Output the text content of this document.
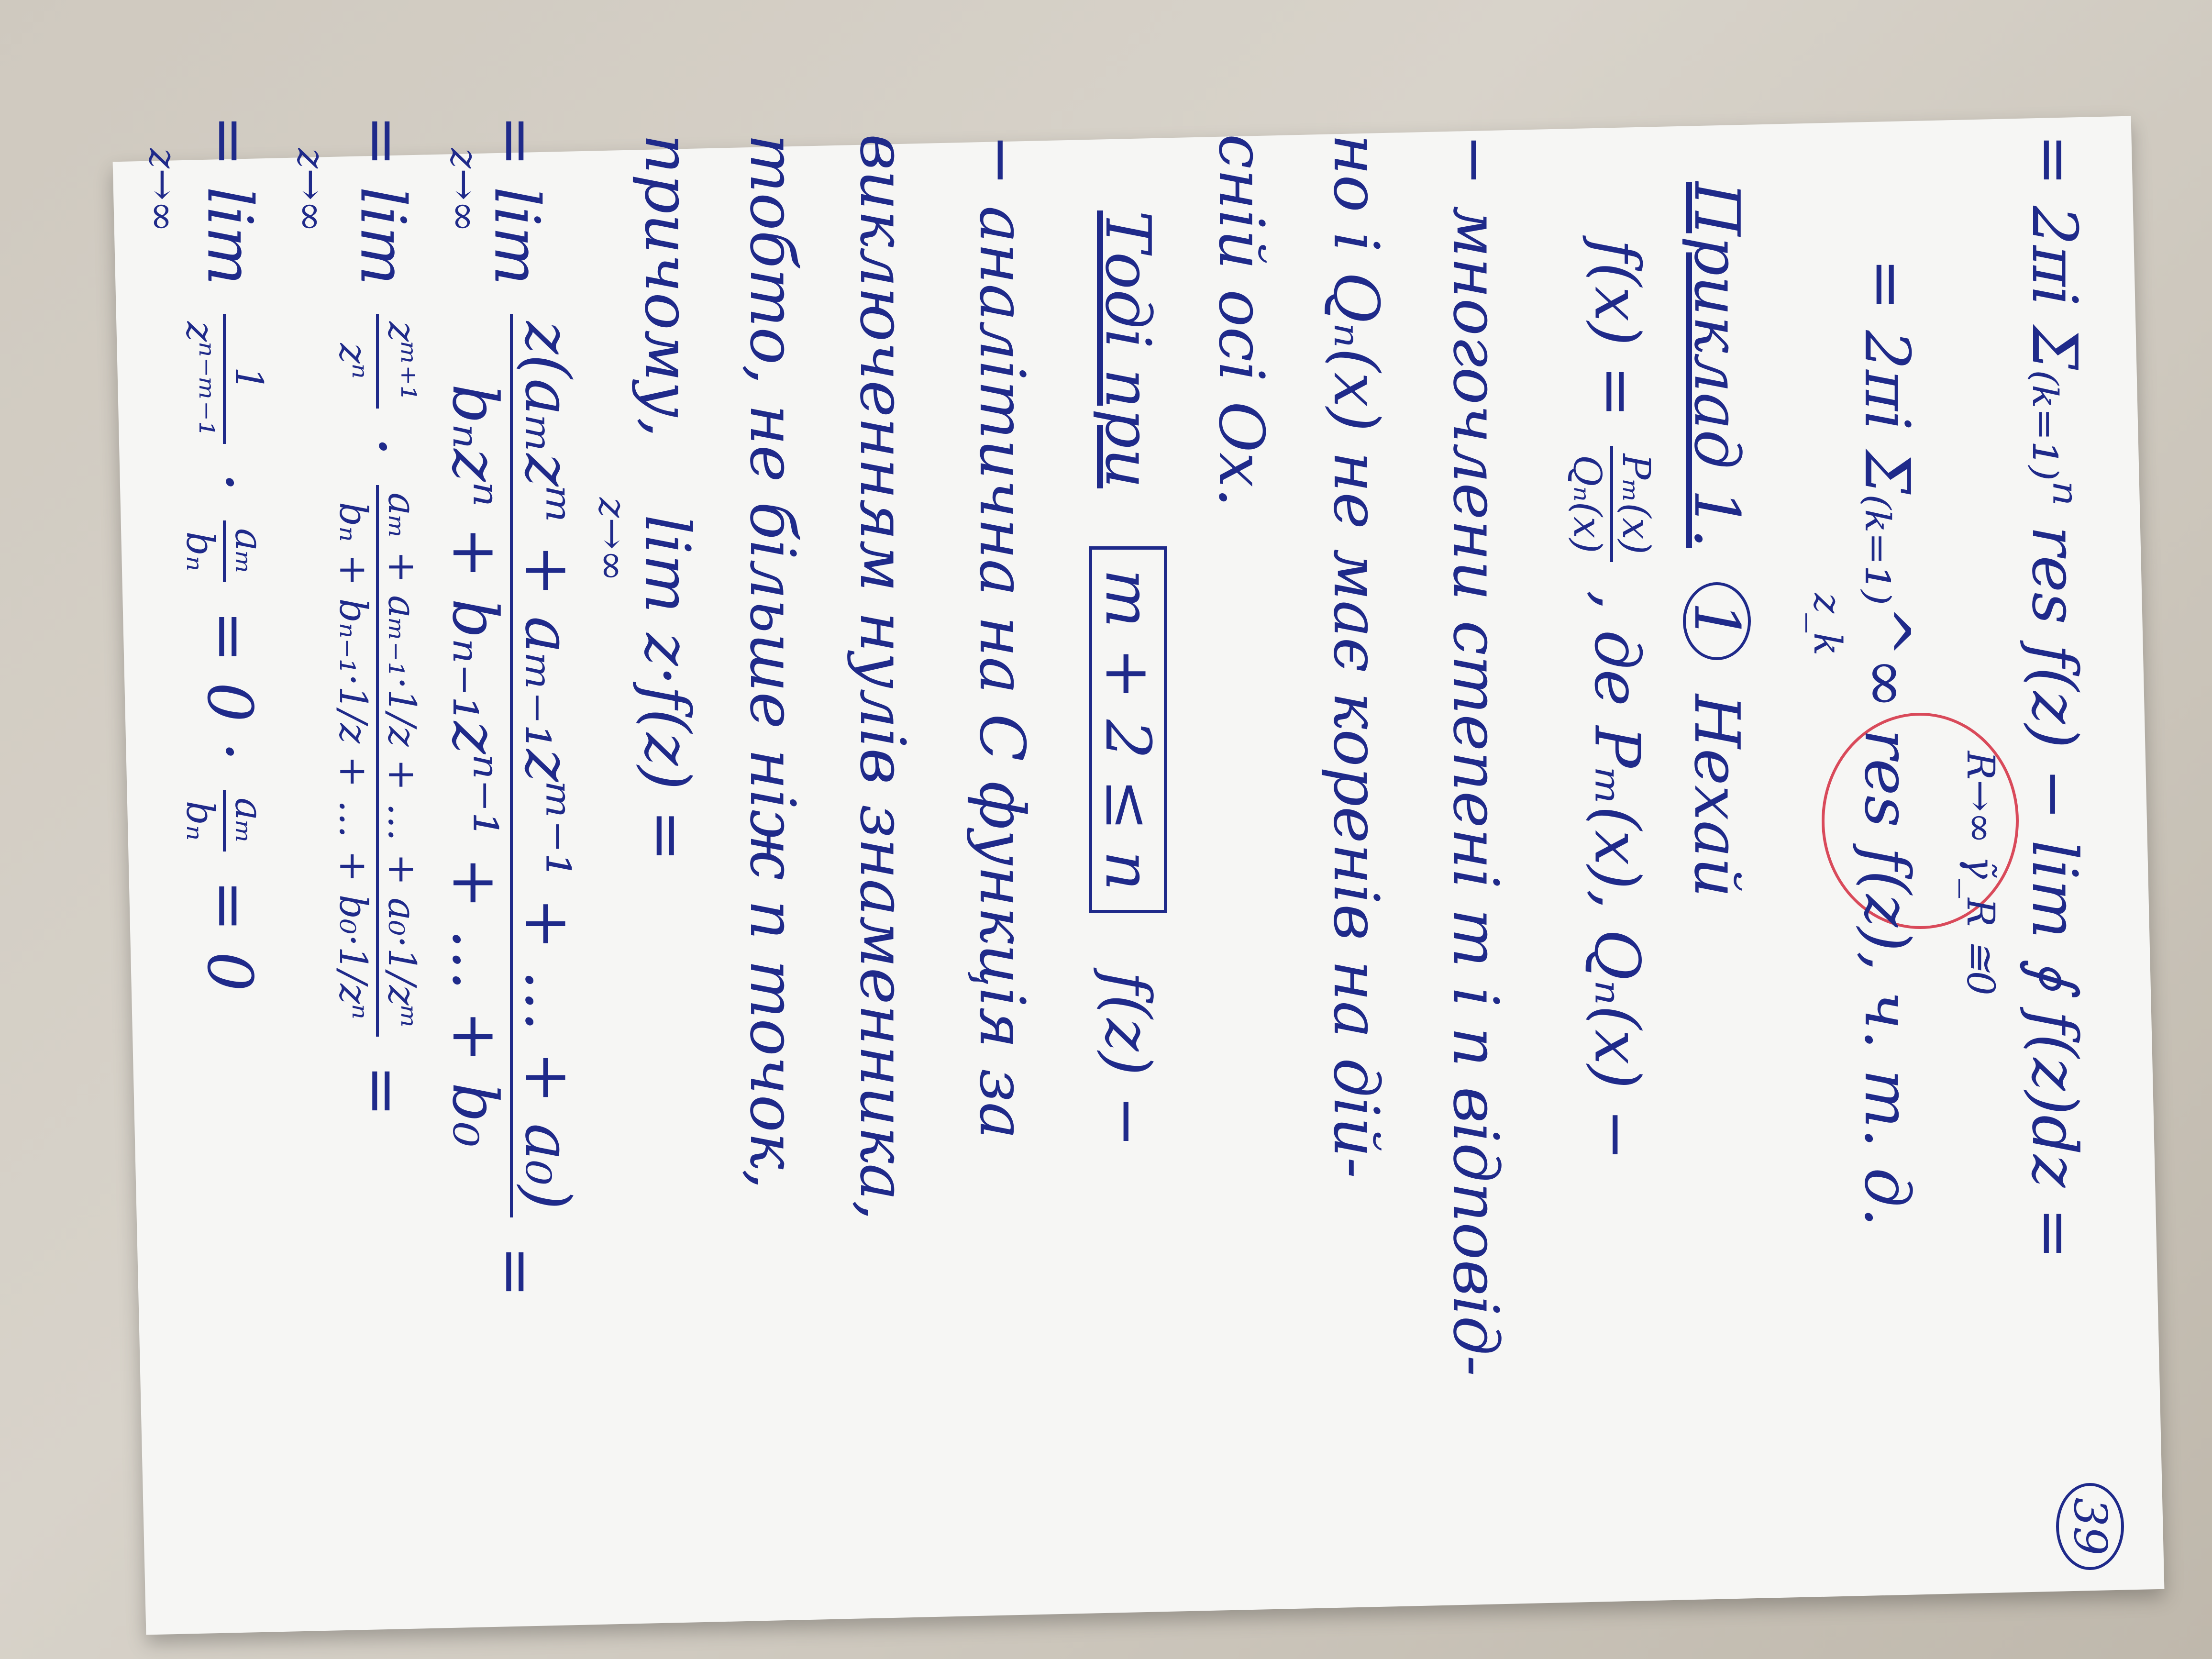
39
= 2πi Σ₍ₖ₌₁₎ⁿ res f(z) − lim ∮ f(z)dz =
R→∞ γ̃_R ≅0
= 2πi Σ₍ₖ₌₁₎^∞ res f(z), ч. т. д.
z_k
Приклад 1. 1 Нехай
f(x) =
Pₘ(x)
Qₙ(x)
, де Pₘ(x), Qₙ(x) −
− многочлени степені m і n відповід-
но і Qₙ(x) не має коренів на дій-
сній осі Ox.
Тоді при m + 2 ≤ n f(z) −
− аналітична на C функція за
виключенням нулів знаменника,
тобто, не більше ніж n точок,
причому, lim z·f(z) =
z→∞
= lim
z(aₘzᵐ + aₘ₋₁zᵐ⁻¹ + … + a₀)
bₙzⁿ + bₙ₋₁zⁿ⁻¹ + … + b₀
=
z→∞
= lim
zᵐ⁺¹
zⁿ
·
aₘ + aₘ₋₁·1/z + … + a₀·1/zᵐ
bₙ + bₙ₋₁·1/z + … + b₀·1/zⁿ
=
z→∞
= lim
1
zⁿ⁻ᵐ⁻¹
·
aₘ
bₙ
= 0 ·
aₘ
bₙ
= 0
z→∞
